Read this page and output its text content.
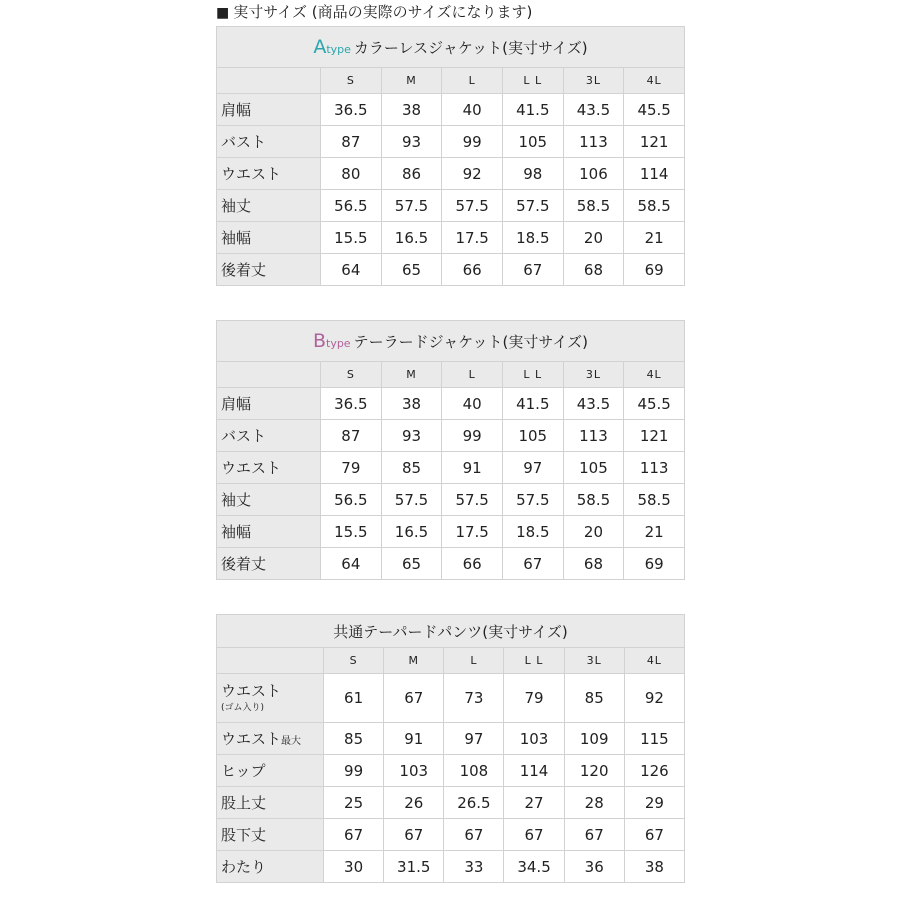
■ 実寸サイズ (商品の実際のサイズになります)
Atype カラーレスジャケット(実寸サイズ)						
	S	M	L	L L	3L	4L
肩幅	36.5	38	40	41.5	43.5	45.5
バスト	87	93	99	105	113	121
ウエスト	80	86	92	98	106	114
袖丈	56.5	57.5	57.5	57.5	58.5	58.5
袖幅	15.5	16.5	17.5	18.5	20	21
後着丈	64	65	66	67	68	69
Btype テーラードジャケット(実寸サイズ)						
	S	M	L	L L	3L	4L
肩幅	36.5	38	40	41.5	43.5	45.5
バスト	87	93	99	105	113	121
ウエスト	79	85	91	97	105	113
袖丈	56.5	57.5	57.5	57.5	58.5	58.5
袖幅	15.5	16.5	17.5	18.5	20	21
後着丈	64	65	66	67	68	69
共通テーパードパンツ(実寸サイズ)						
	S	M	L	L L	3L	4L

ウエスト
(ゴム入り)	61	67	73	79	85	92
ウエスト最大	85	91	97	103	109	115
ヒップ	99	103	108	114	120	126
股上丈	25	26	26.5	27	28	29
股下丈	67	67	67	67	67	67
わたり	30	31.5	33	34.5	36	38
